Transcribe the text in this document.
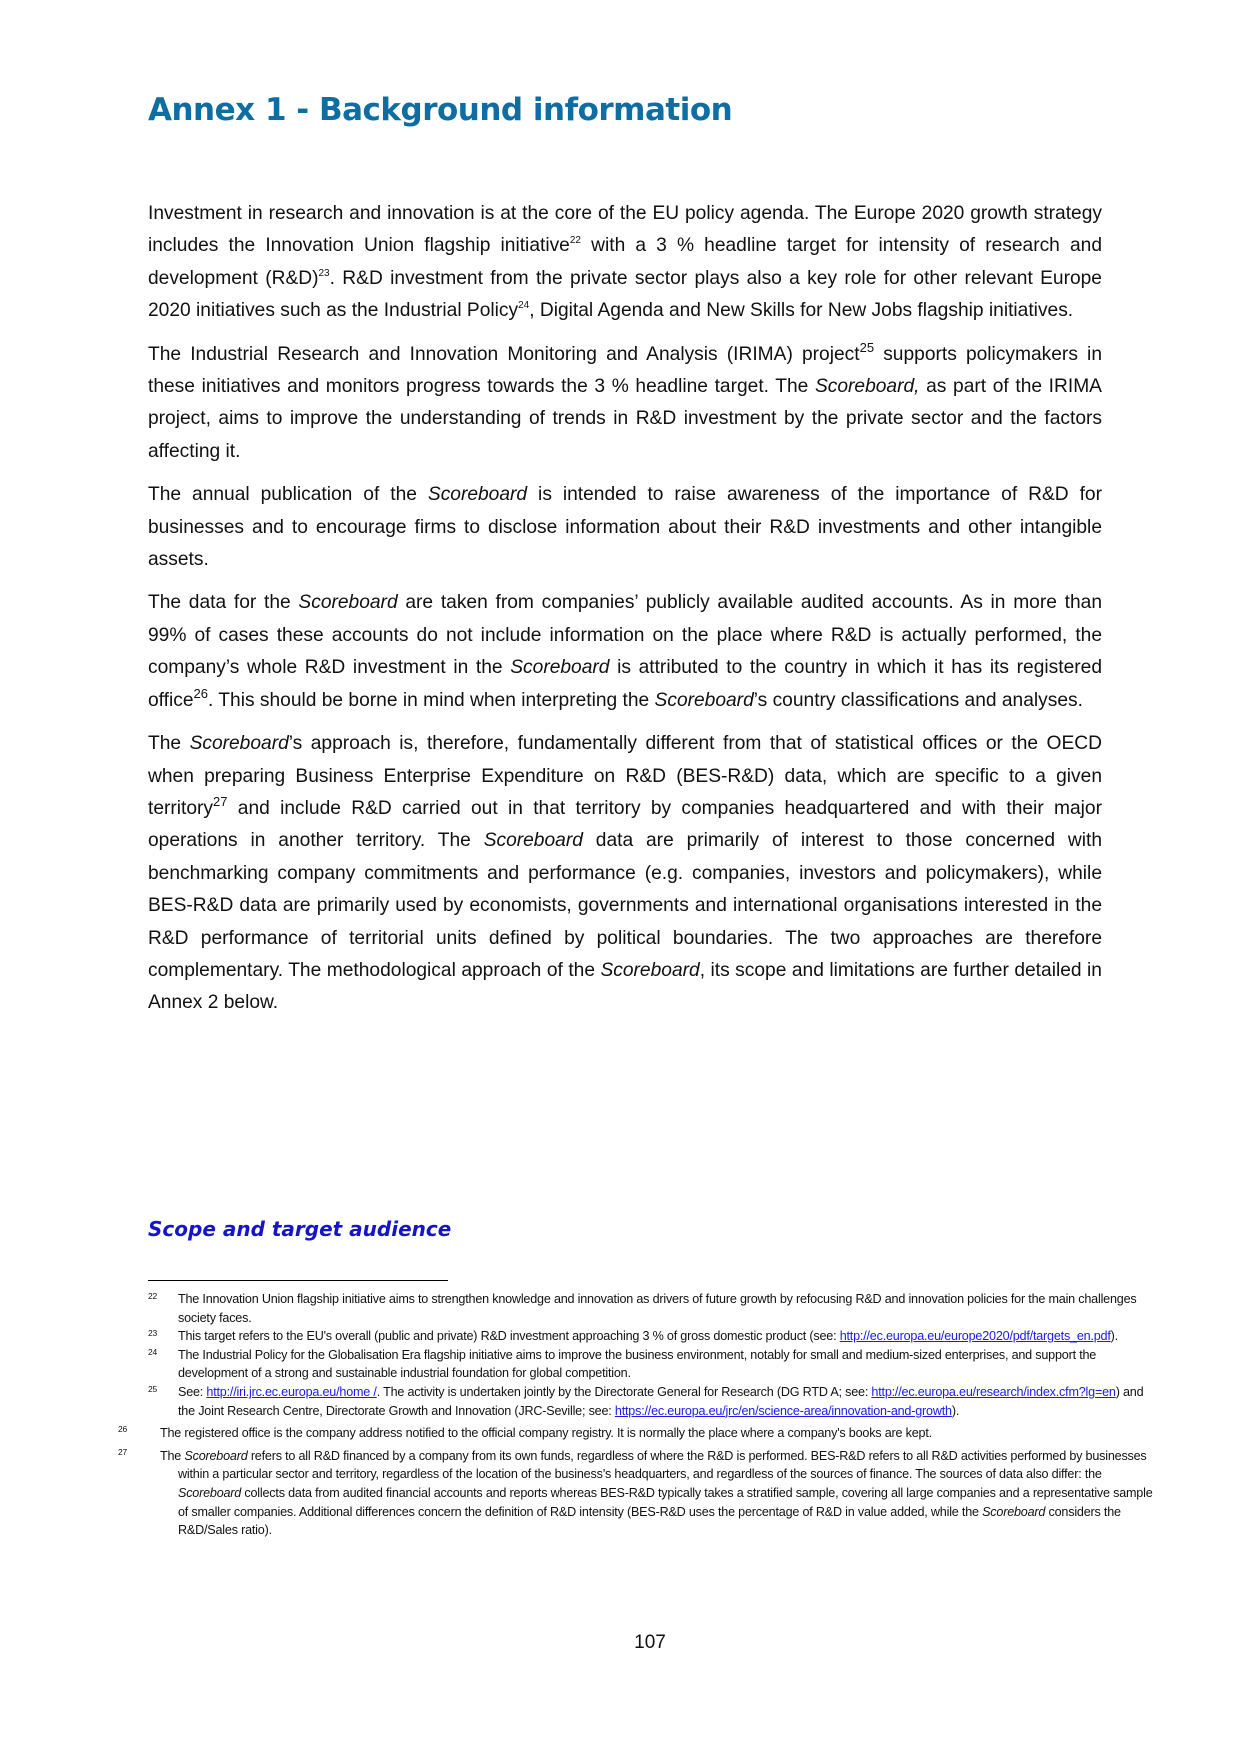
Annex 1 - Background information

Investment in research and innovation is at the core of the EU policy agenda. The Europe 2020 growth strategy includes the Innovation Union flagship initiative$^{22}$ with a 3 % headline target for intensity of research and development (R&D)$^{23}$. R&D investment from the private sector plays also a key role for other relevant Europe 2020 initiatives such as the Industrial Policy$^{24}$, Digital Agenda and New Skills for New Jobs flagship initiatives.

The Industrial Research and Innovation Monitoring and Analysis (IRIMA) project$^{25}$ supports policymakers in these initiatives and monitors progress towards the 3 % headline target. The Scoreboard, as part of the IRIMA project, aims to improve the understanding of trends in R&D investment by the private sector and the factors affecting it.

The annual publication of the Scoreboard is intended to raise awareness of the importance of R&D for businesses and to encourage firms to disclose information about their R&D investments and other intangible assets.

The data for the Scoreboard are taken from companies’ publicly available audited accounts. As in more than 99% of cases these accounts do not include information on the place where R&D is actually performed, the company’s whole R&D investment in the Scoreboard is attributed to the country in which it has its registered office$^{26}$. This should be borne in mind when interpreting the Scoreboard’s country classifications and analyses.

The Scoreboard’s approach is, therefore, fundamentally different from that of statistical offices or the OECD when preparing Business Enterprise Expenditure on R&D (BES-R&D) data, which are specific to a given territory$^{27}$ and include R&D carried out in that territory by companies headquartered and with their major operations in another territory. The Scoreboard data are primarily of interest to those concerned with benchmarking company commitments and performance (e.g. companies, investors and policymakers), while BES-R&D data are primarily used by economists, governments and international organisations interested in the R&D performance of territorial units defined by political boundaries. The two approaches are therefore complementary. The methodological approach of the Scoreboard, its scope and limitations are further detailed in Annex 2 below.

Scope and target audience

22 The Innovation Union flagship initiative aims to strengthen knowledge and innovation as drivers of future growth by refocusing R&D and innovation policies for the main challenges society faces.

23 This target refers to the EU's overall (public and private) R&D investment approaching 3 % of gross domestic product (see: http://ec.europa.eu/europe2020/pdf/targets_en.pdf).

24 The Industrial Policy for the Globalisation Era flagship initiative aims to improve the business environment, notably for small and medium-sized enterprises, and support the development of a strong and sustainable industrial foundation for global competition.

25 See: http://iri.jrc.ec.europa.eu/home /. The activity is undertaken jointly by the Directorate General for Research (DG RTD A; see: http://ec.europa.eu/research/index.cfm?lg=en) and the Joint Research Centre, Directorate Growth and Innovation (JRC-Seville; see: https://ec.europa.eu/jrc/en/science-area/innovation-and-growth).

26	The registered office is the company address notified to the official company registry. It is normally the place where a company's books are kept.

27	The Scoreboard refers to all R&D financed by a company from its own funds, regardless of where the R&D is performed. BES-R&D refers to all R&D activities performed by businesses within a particular sector and territory, regardless of the location of the business’s headquarters, and regardless of the sources of finance. The sources of data also differ: the Scoreboard collects data from audited financial accounts and reports whereas BES-R&D typically takes a stratified sample, covering all large companies and a representative sample of smaller companies. Additional differences concern the definition of R&D intensity (BES-R&D uses the percentage of R&D in value added, while the Scoreboard considers the R&D/Sales ratio).

107
